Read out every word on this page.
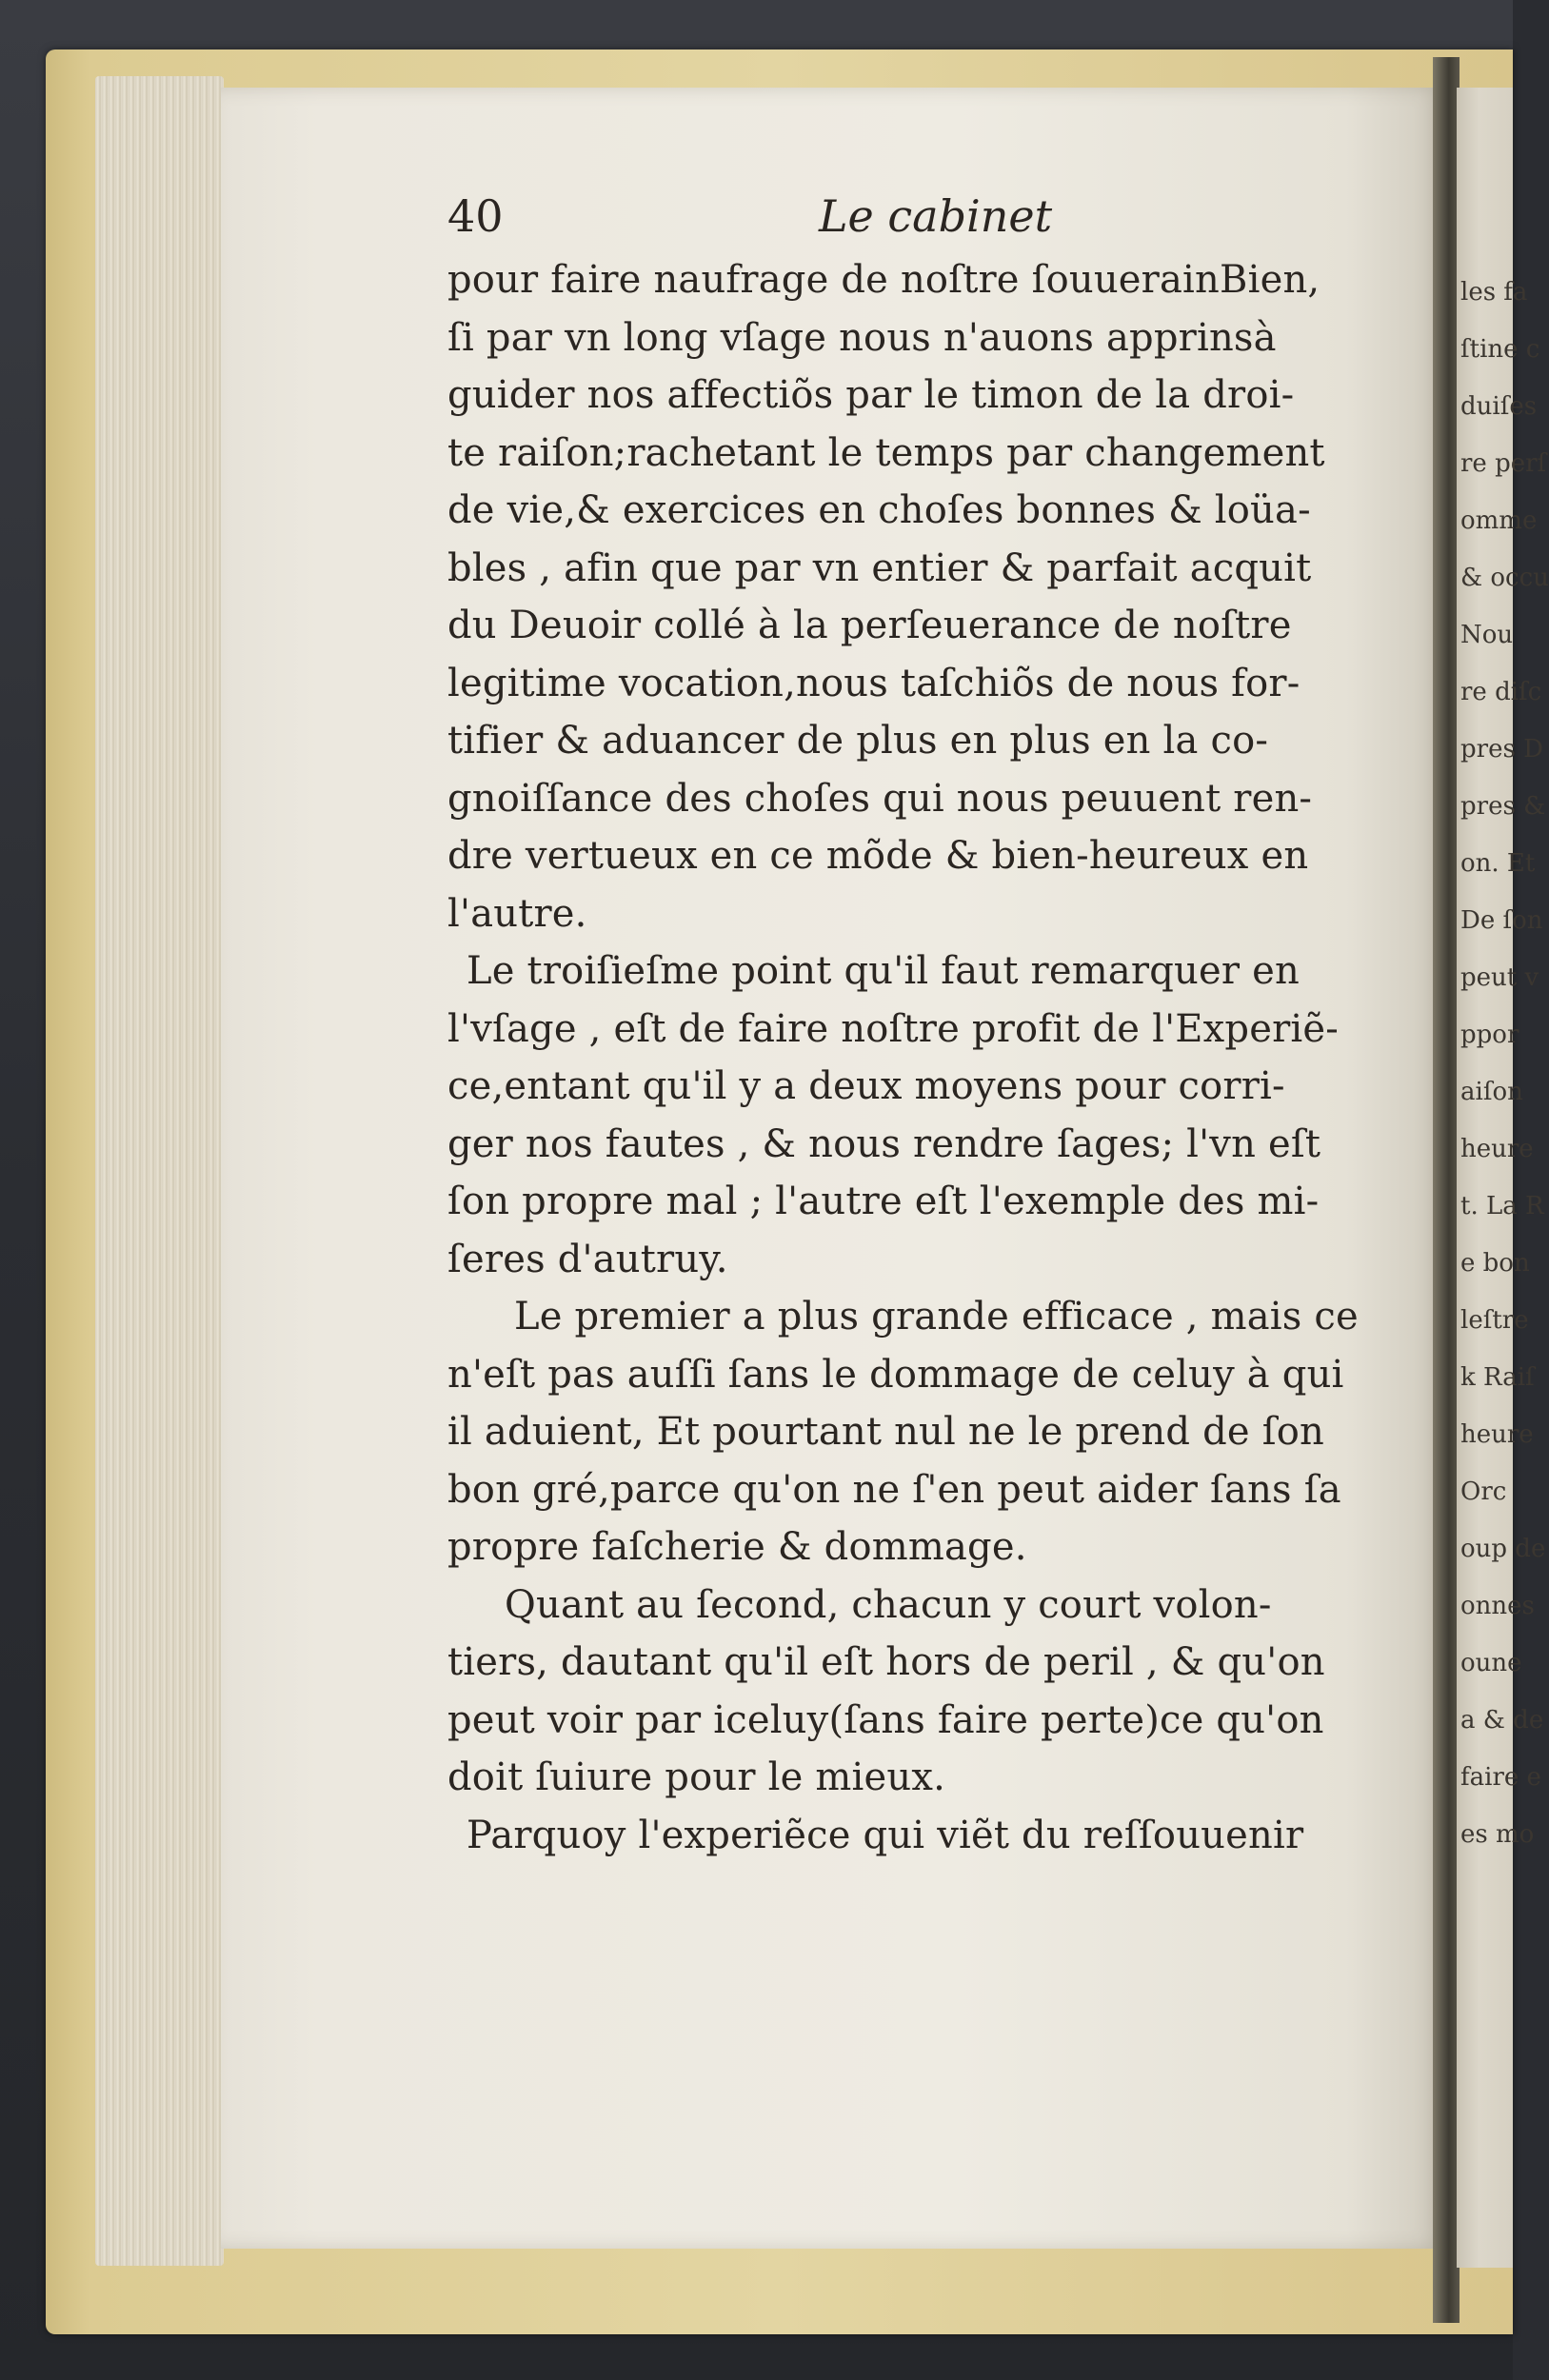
les fa
ſtine c
duiſes
re perſ
omme
& occu
Nou
re diſc
pres D
pres &
on. Et
De ſon
peut v
ppor
aiſon
heure
t. La R
e bon
leſtre
k Raiſ
heure
Orc
oup de
onnes
oune
a & de
faire e
es mo
40	Le cabinet
pour faire naufrage de noſtre ſouuerainBien,
ſi par vn long vſage nous n'auons apprinsà
guider nos affectiõs par le timon de la droi-
te raiſon;rachetant le temps par changement
de vie,& exercices en choſes bonnes & loüa-
bles , afin que par vn entier & parfait acquit
du Deuoir collé à la perſeuerance de noſtre
legitime vocation,nous taſchiõs de nous for-
tifier & aduancer de plus en plus en la co-
gnoiſſance des choſes qui nous peuuent ren-
dre vertueux en ce mõde & bien-heureux en
l'autre.
Le troiſieſme point qu'il faut remarquer en
l'vſage , eſt de faire noſtre profit de l'Experiẽ-
ce,entant qu'il y a deux moyens pour corri-
ger nos fautes , & nous rendre ſages; l'vn eſt
ſon propre mal ; l'autre eſt l'exemple des mi-
ſeres d'autruy.
Le premier a plus grande efficace , mais ce
n'eſt pas auſſi ſans le dommage de celuy à qui
il aduient, Et pourtant nul ne le prend de ſon
bon gré,parce qu'on ne ſ'en peut aider ſans ſa
propre faſcherie & dommage.
Quant au ſecond, chacun y court volon-
tiers, dautant qu'il eſt hors de peril , & qu'on
peut voir par iceluy(ſans faire perte)ce qu'on
doit ſuiure pour le mieux.
Parquoy l'experiẽce qui viẽt du reſſouuenir
